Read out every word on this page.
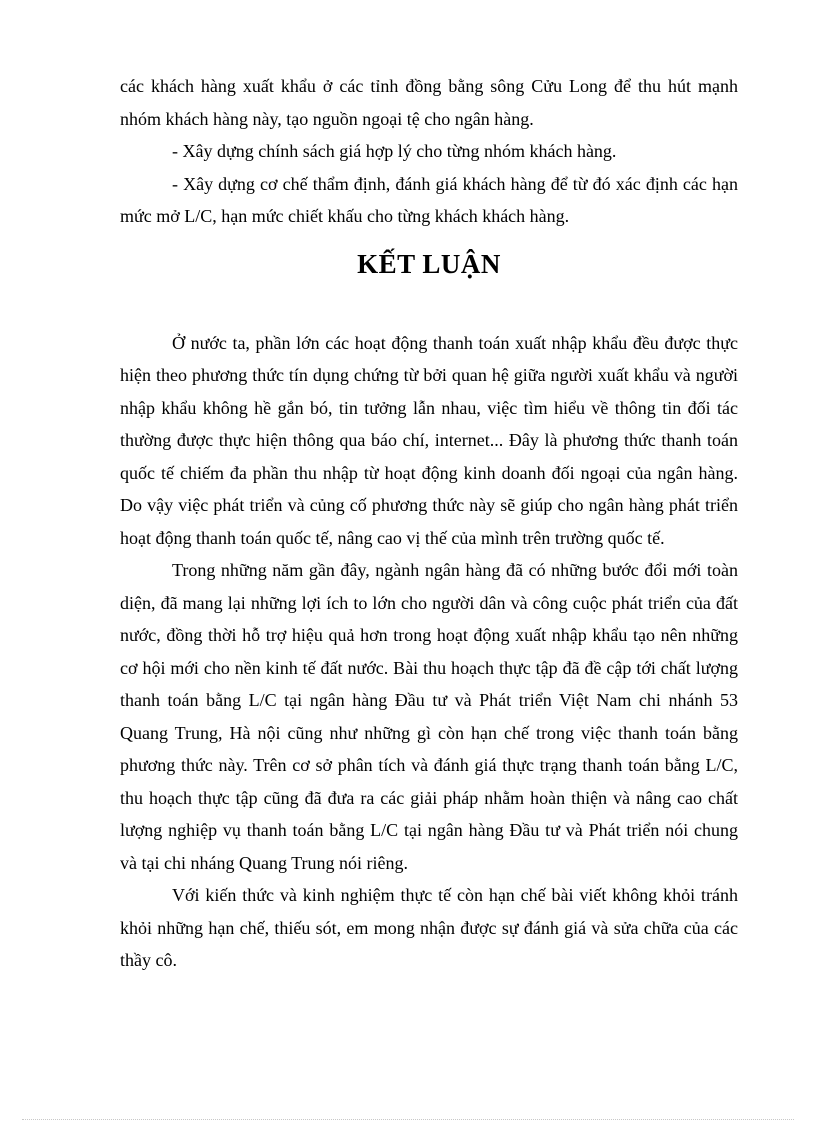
các khách hàng xuất khẩu ở các tỉnh đồng bằng sông Cửu Long để thu hút mạnh nhóm khách hàng này, tạo nguồn ngoại tệ cho ngân hàng.

- Xây dựng chính sách giá hợp lý cho từng nhóm khách hàng.

- Xây dựng cơ chế thẩm định, đánh giá khách hàng để từ đó xác định các hạn mức mở L/C, hạn mức chiết khấu cho từng khách khách hàng.

KẾT LUẬN

Ở nước ta, phần lớn các hoạt động thanh toán xuất nhập khẩu đều được thực hiện theo phương thức tín dụng chứng từ bởi quan hệ giữa người xuất khẩu và người nhập khẩu không hề gắn bó, tin tưởng lẫn nhau, việc tìm hiểu về thông tin đối tác thường được thực hiện thông qua báo chí, internet... Đây là phương thức thanh toán quốc tế chiếm đa phần thu nhập từ hoạt động kinh doanh đối ngoại của ngân hàng. Do vậy việc phát triển và củng cố phương thức này sẽ giúp cho ngân hàng phát triển hoạt động thanh toán quốc tế, nâng cao vị thế của mình trên trường quốc tế.

Trong những năm gần đây, ngành ngân hàng đã có những bước đổi mới toàn diện, đã mang lại những lợi ích to lớn cho người dân và công cuộc phát triển của đất nước, đồng thời hỗ trợ hiệu quả hơn trong hoạt động xuất nhập khẩu tạo nên những cơ hội mới cho nền kinh tế đất nước. Bài thu hoạch thực tập đã đề cập tới chất lượng thanh toán bằng L/C tại ngân hàng Đầu tư và Phát triển Việt Nam chi nhánh 53 Quang Trung, Hà nội cũng như những gì còn hạn chế trong việc thanh toán bằng phương thức này. Trên cơ sở phân tích và đánh giá thực trạng thanh toán bằng L/C, thu hoạch thực tập cũng đã đưa ra các giải pháp nhằm hoàn thiện và nâng cao chất lượng nghiệp vụ thanh toán bằng L/C tại ngân hàng Đầu tư và Phát triển nói chung và tại chi nháng Quang Trung nói riêng.

Với kiến thức và kinh nghiệm thực tế còn hạn chế bài viết không khỏi tránh khỏi những hạn chế, thiếu sót, em mong nhận được sự đánh giá và sửa chữa của các thầy cô.
